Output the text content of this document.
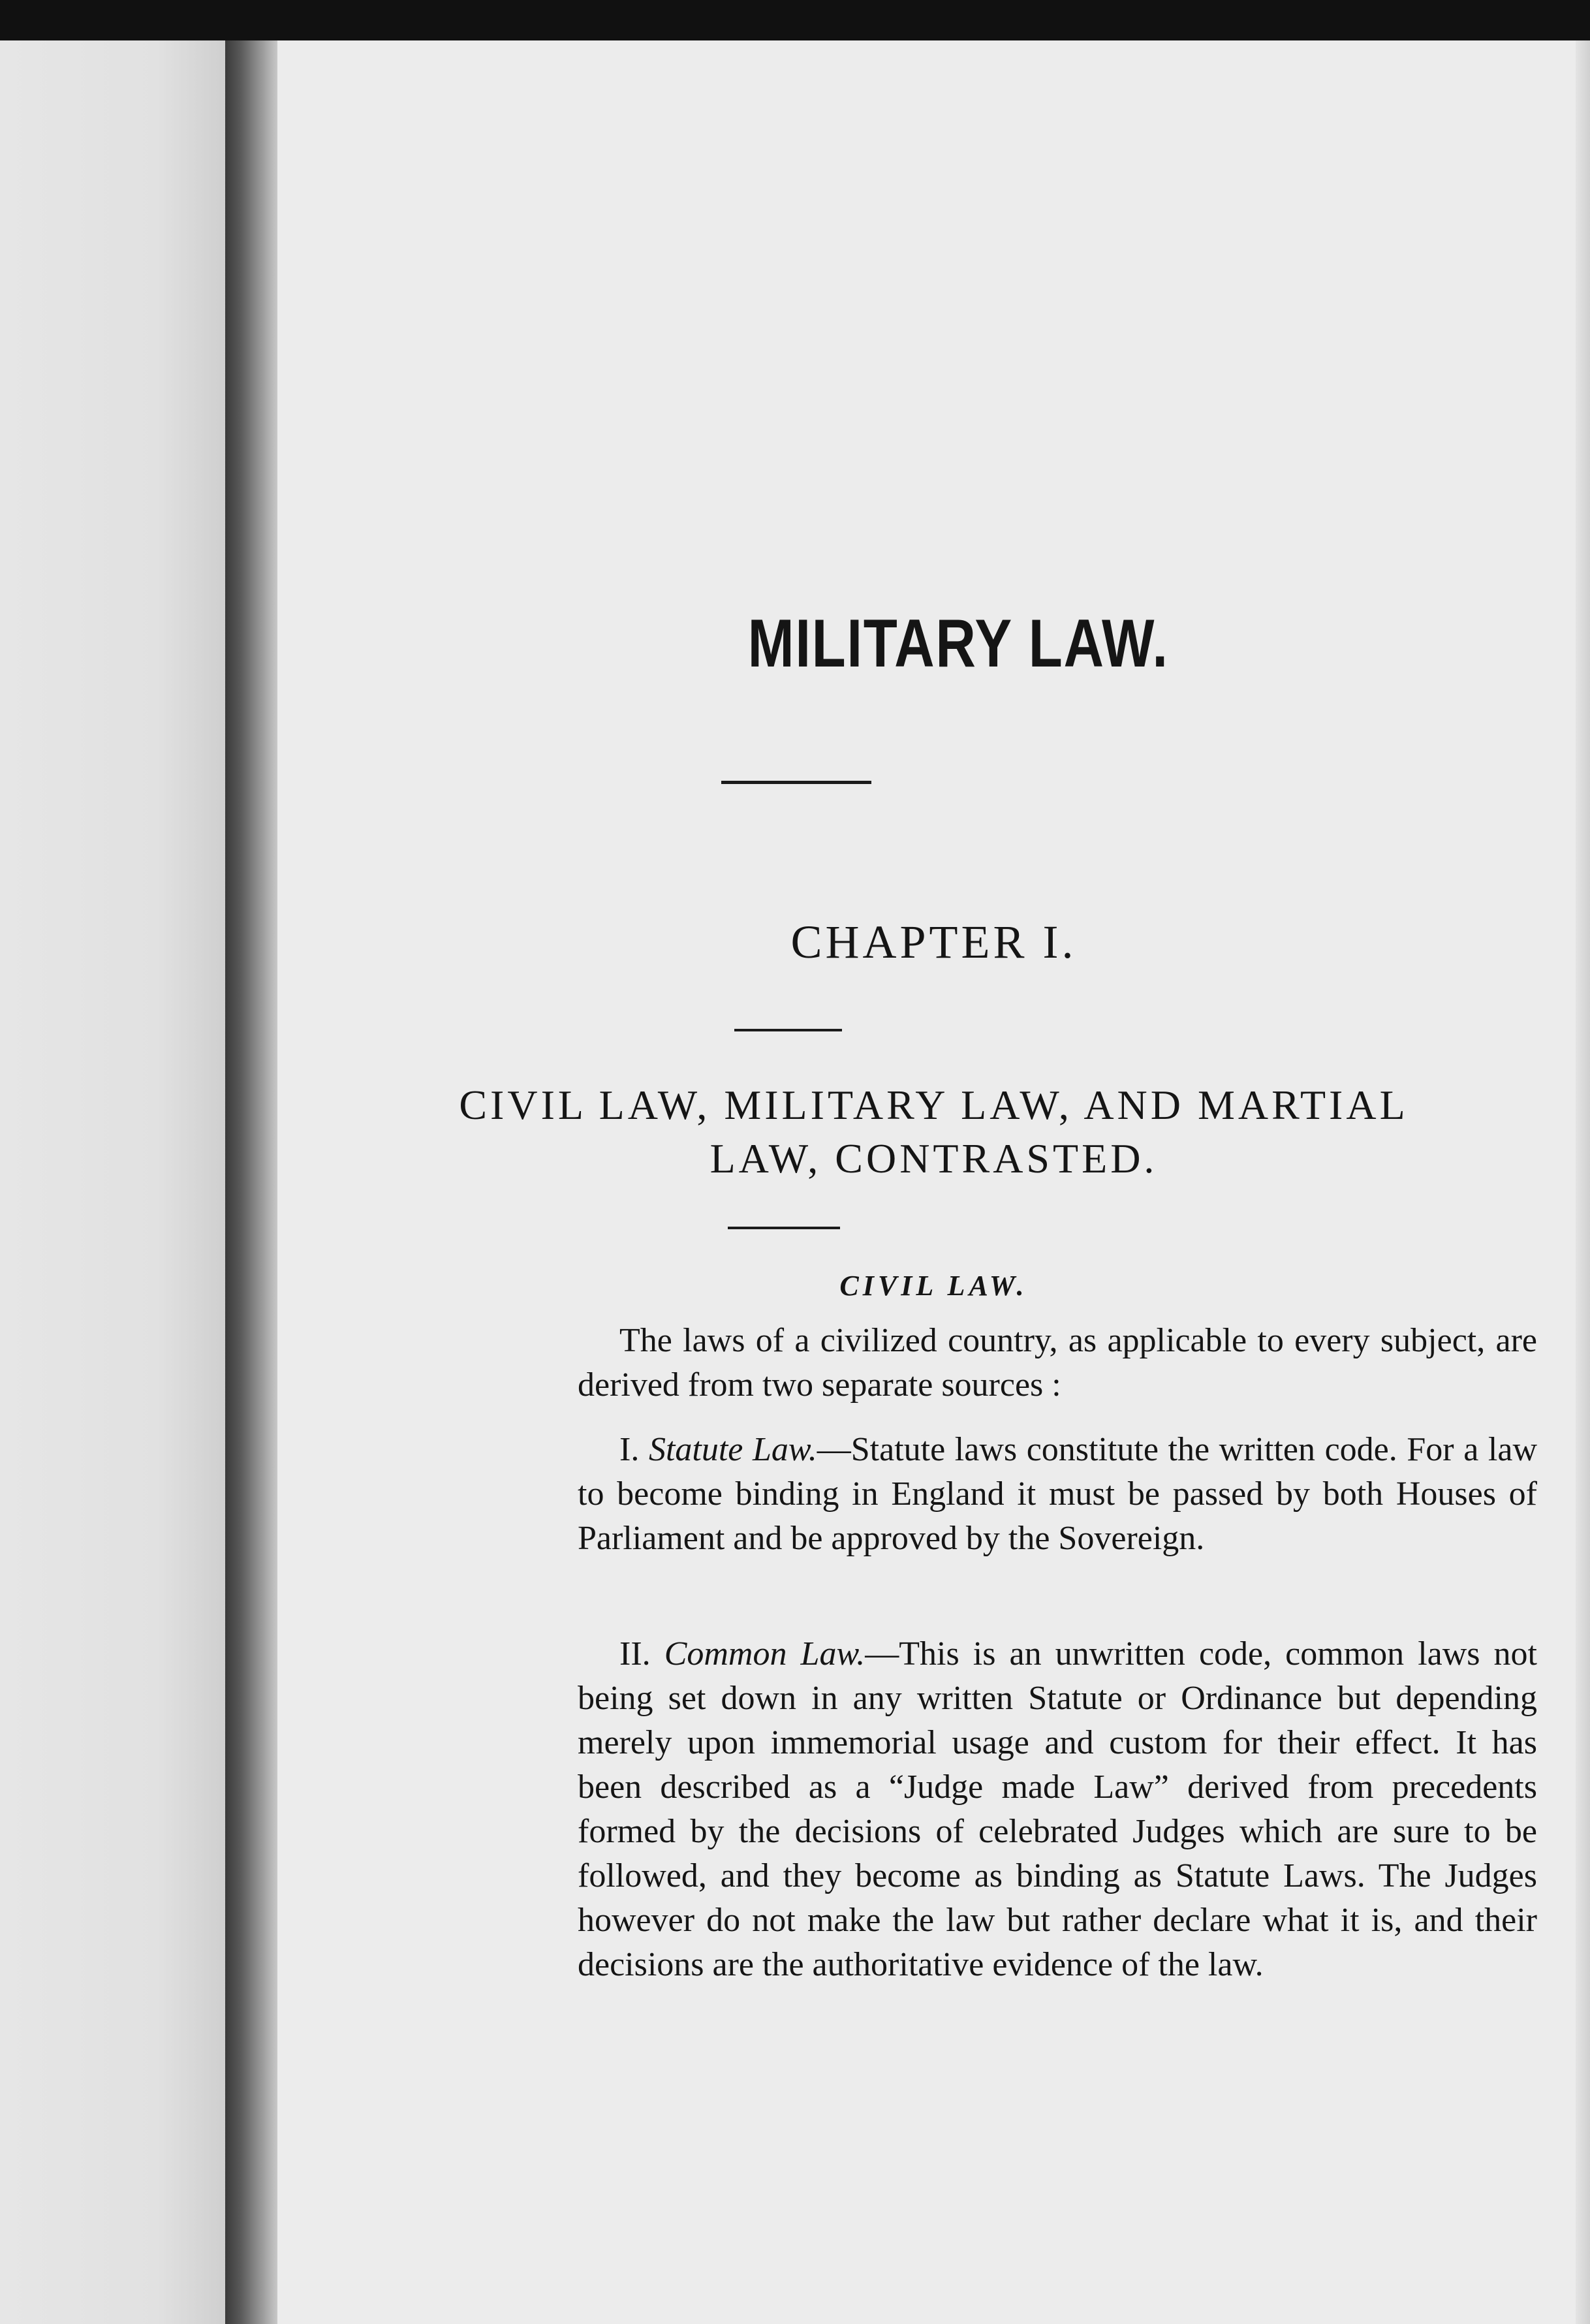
MILITARY LAW.
CHAPTER I.
CIVIL LAW, MILITARY LAW, AND MARTIAL
LAW, CONTRASTED.
CIVIL LAW.
The laws of a civilized country, as applicable to every subject, are derived from two separate sources :
I. Statute Law.—Statute laws constitute the written code. For a law to become binding in England it must be passed by both Houses of Parliament and be approved by the Sovereign.
II. Common Law.—This is an unwritten code, common laws not being set down in any written Statute or Ordinance but depending merely upon immemorial usage and custom for their effect. It has been described as a “Judge made Law” derived from precedents formed by the decisions of celebrated Judges which are sure to be followed, and they become as binding as Statute Laws. The Judges however do not make the law but rather declare what it is, and their decisions are the authoritative evidence of the law.
